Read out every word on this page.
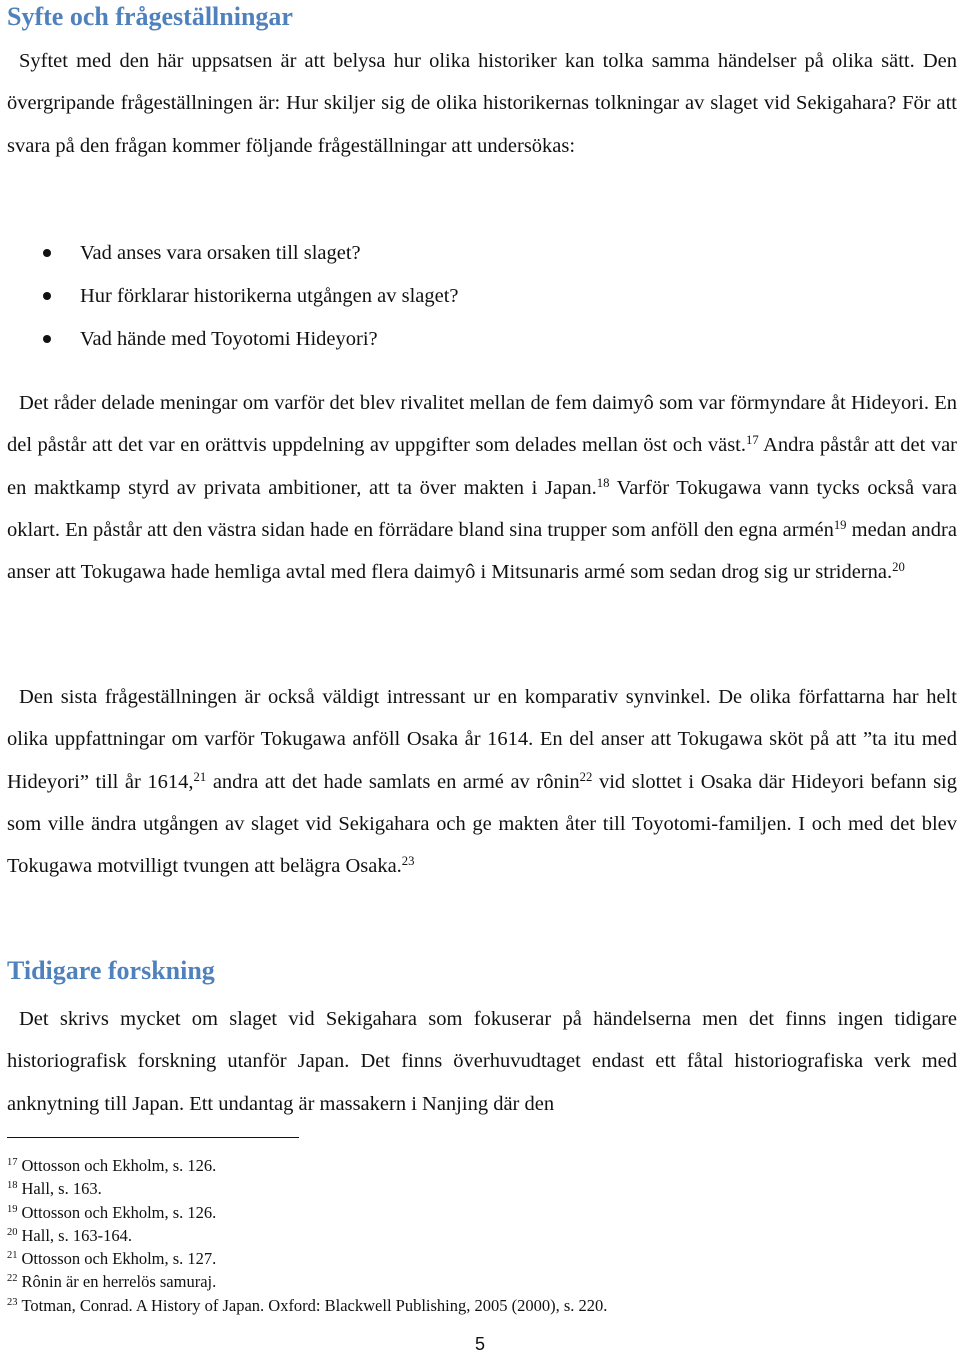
Syfte och frågeställningar

Syftet med den här uppsatsen är att belysa hur olika historiker kan tolka samma händelser på olika sätt. Den övergripande frågeställningen är: Hur skiljer sig de olika historikernas tolkningar av slaget vid Sekigahara? För att svara på den frågan kommer följande frågeställningar att undersökas:

Vad anses vara orsaken till slaget?
Hur förklarar historikerna utgången av slaget?
Vad hände med Toyotomi Hideyori?

Det råder delade meningar om varför det blev rivalitet mellan de fem daimyô som var förmyndare åt Hideyori. En del påstår att det var en orättvis uppdelning av uppgifter som delades mellan öst och väst.$^{17}$ Andra påstår att det var en maktkamp styrd av privata ambitioner, att ta över makten i Japan.$^{18}$ Varför Tokugawa vann tycks också vara oklart. En påstår att den västra sidan hade en förrädare bland sina trupper som anföll den egna armén$^{19}$ medan andra anser att Tokugawa hade hemliga avtal med flera daimyô i Mitsunaris armé som sedan drog sig ur striderna.$^{20}$

Den sista frågeställningen är också väldigt intressant ur en komparativ synvinkel. De olika författarna har helt olika uppfattningar om varför Tokugawa anföll Osaka år 1614. En del anser att Tokugawa sköt på att ”ta itu med Hideyori” till år 1614,21 andra att det hade samlats en armé av rônin$^{22}$ vid slottet i Osaka där Hideyori befann sig som ville ändra utgången av slaget vid Sekigahara och ge makten åter till Toyotomi-familjen. I och med det blev Tokugawa motvilligt tvungen att belägra Osaka.$^{23}$

Tidigare forskning

Det skrivs mycket om slaget vid Sekigahara som fokuserar på händelserna men det finns ingen tidigare historiografisk forskning utanför Japan. Det finns överhuvudtaget endast ett fåtal historiografiska verk med anknytning till Japan. Ett undantag är massakern i Nanjing där den

$^{17}$ Ottosson och Ekholm, s. 126.
$^{18}$ Hall, s. 163.
$^{19}$ Ottosson och Ekholm, s. 126.
$^{20}$ Hall, s. 163-164.
$^{21}$ Ottosson och Ekholm, s. 127.
$^{22}$ Rônin är en herrelös samuraj.
$^{23}$ Totman, Conrad. A History of Japan. Oxford: Blackwell Publishing, 2005 (2000), s. 220.
5
